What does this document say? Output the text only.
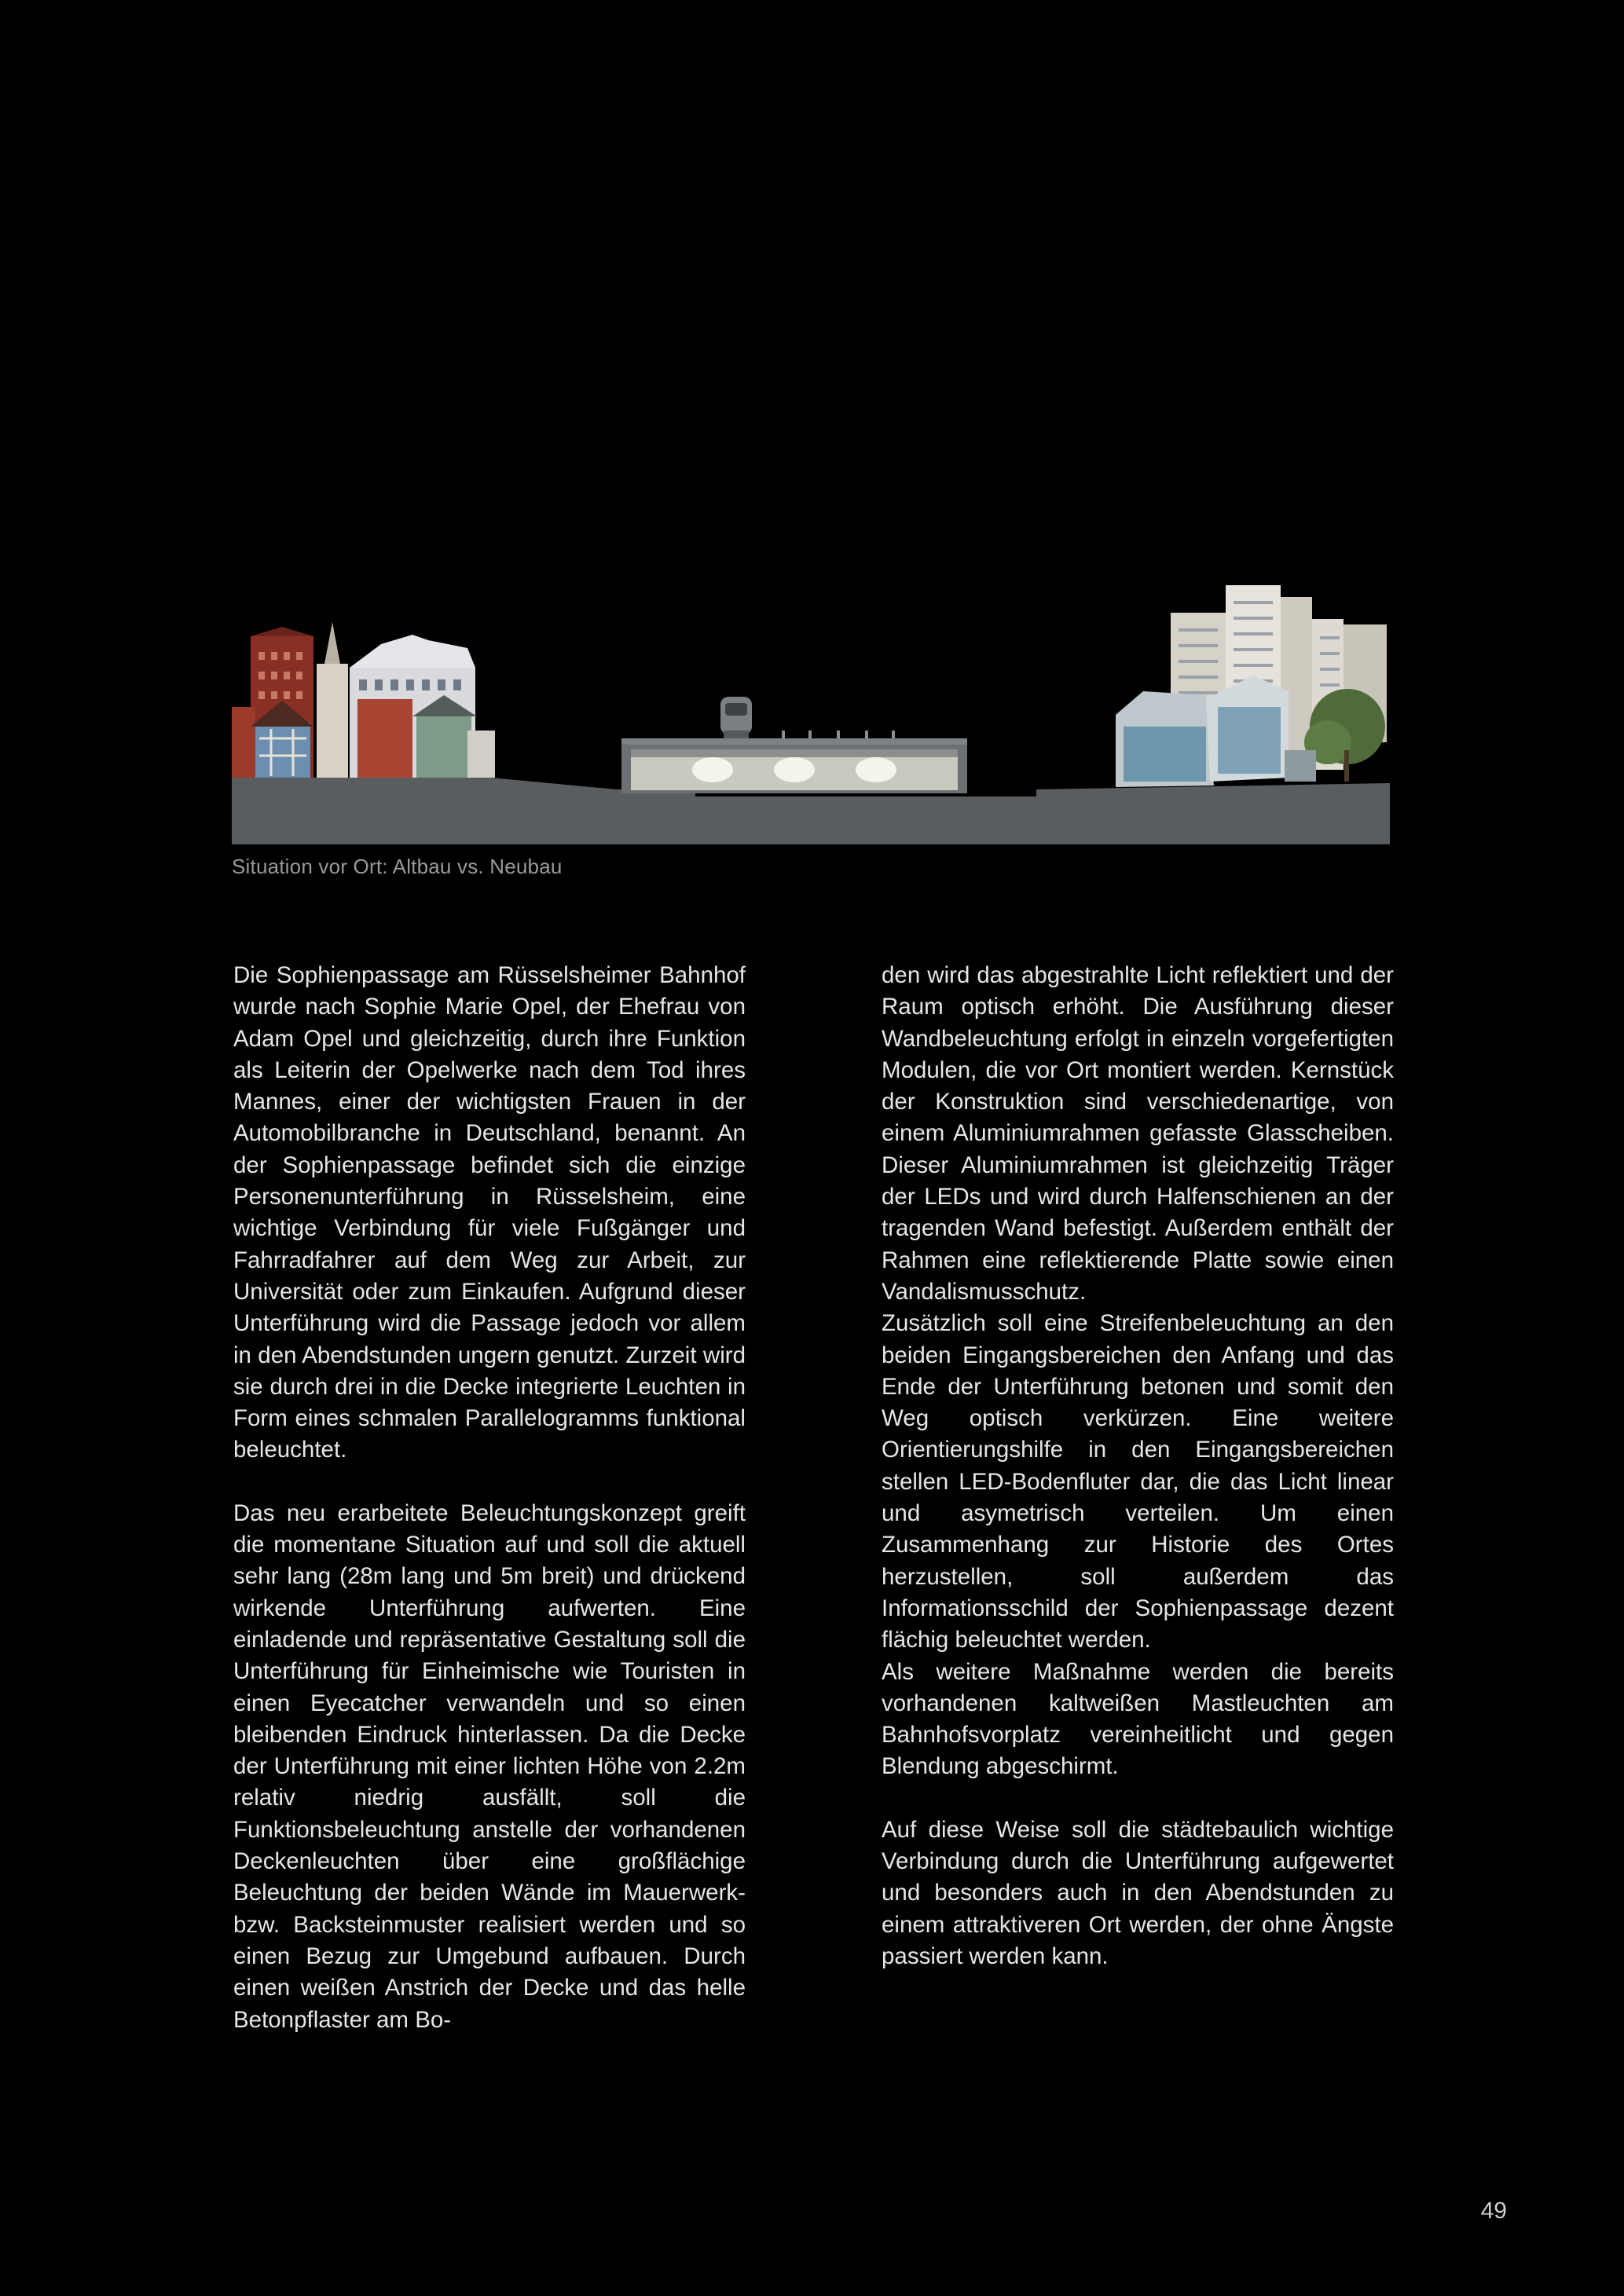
Situation vor Ort: Altbau vs. Neubau

Die Sophienpassage am Rüsselsheimer Bahnhof wurde nach Sophie Marie Opel, der Ehefrau von Adam Opel und gleichzeitig, durch ihre Funktion als Leiterin der Opelwerke nach dem Tod ihres Mannes, einer der wichtigsten Frauen in der Automobilbranche in Deutschland, benannt. An der Sophienpassage befindet sich die einzige Personenunterführung in Rüsselsheim, eine wichtige Verbindung für viele Fußgänger und Fahrradfahrer auf dem Weg zur Arbeit, zur Universität oder zum Einkaufen. Aufgrund dieser Unterführung wird die Passage jedoch vor allem in den Abendstunden ungern genutzt. Zurzeit wird sie durch drei in die Decke integrierte Leuchten in Form eines schmalen Parallelogramms funktional beleuchtet.

Das neu erarbeitete Beleuchtungskonzept greift die momentane Situation auf und soll die aktuell sehr lang (28m lang und 5m breit) und drückend wirkende Unterführung aufwerten. Eine einladende und repräsentative Gestaltung soll die Unterführung für Einheimische wie Touristen in einen Eyecatcher verwandeln und so einen bleibenden Eindruck hinterlassen. Da die Decke der Unterführung mit einer lichten Höhe von 2.2m relativ niedrig ausfällt, soll die Funktionsbeleuchtung anstelle der vorhandenen Deckenleuchten über eine großflächige Beleuchtung der beiden Wände im Mauerwerk- bzw. Backsteinmuster realisiert werden und so einen Bezug zur Umgebund aufbauen. Durch einen weißen Anstrich der Decke und das helle Betonpflaster am Bo-

den wird das abgestrahlte Licht reflektiert und der Raum optisch erhöht. Die Ausführung dieser Wandbeleuchtung erfolgt in einzeln vorgefertigten Modulen, die vor Ort montiert werden. Kernstück der Konstruktion sind verschiedenartige, von einem Aluminiumrahmen gefasste Glasscheiben. Dieser Aluminiumrahmen ist gleichzeitig Träger der LEDs und wird durch Halfenschienen an der tragenden Wand befestigt. Außerdem enthält der Rahmen eine reflektierende Platte sowie einen Vandalismusschutz.

Zusätzlich soll eine Streifenbeleuchtung an den beiden Eingangsbereichen den Anfang und das Ende der Unterführung betonen und somit den Weg optisch verkürzen. Eine weitere Orientierungshilfe in den Eingangsbereichen stellen LED-Bodenfluter dar, die das Licht linear und asymetrisch verteilen. Um einen Zusammenhang zur Historie des Ortes herzustellen, soll außerdem das Informationsschild der Sophienpassage dezent flächig beleuchtet werden.

Als weitere Maßnahme werden die bereits vorhandenen kaltweißen Mastleuchten am Bahnhofsvorplatz vereinheitlicht und gegen Blendung abgeschirmt.

Auf diese Weise soll die städtebaulich wichtige Verbindung durch die Unterführung aufgewertet und besonders auch in den Abendstunden zu einem attraktiveren Ort werden, der ohne Ängste passiert werden kann.

49
